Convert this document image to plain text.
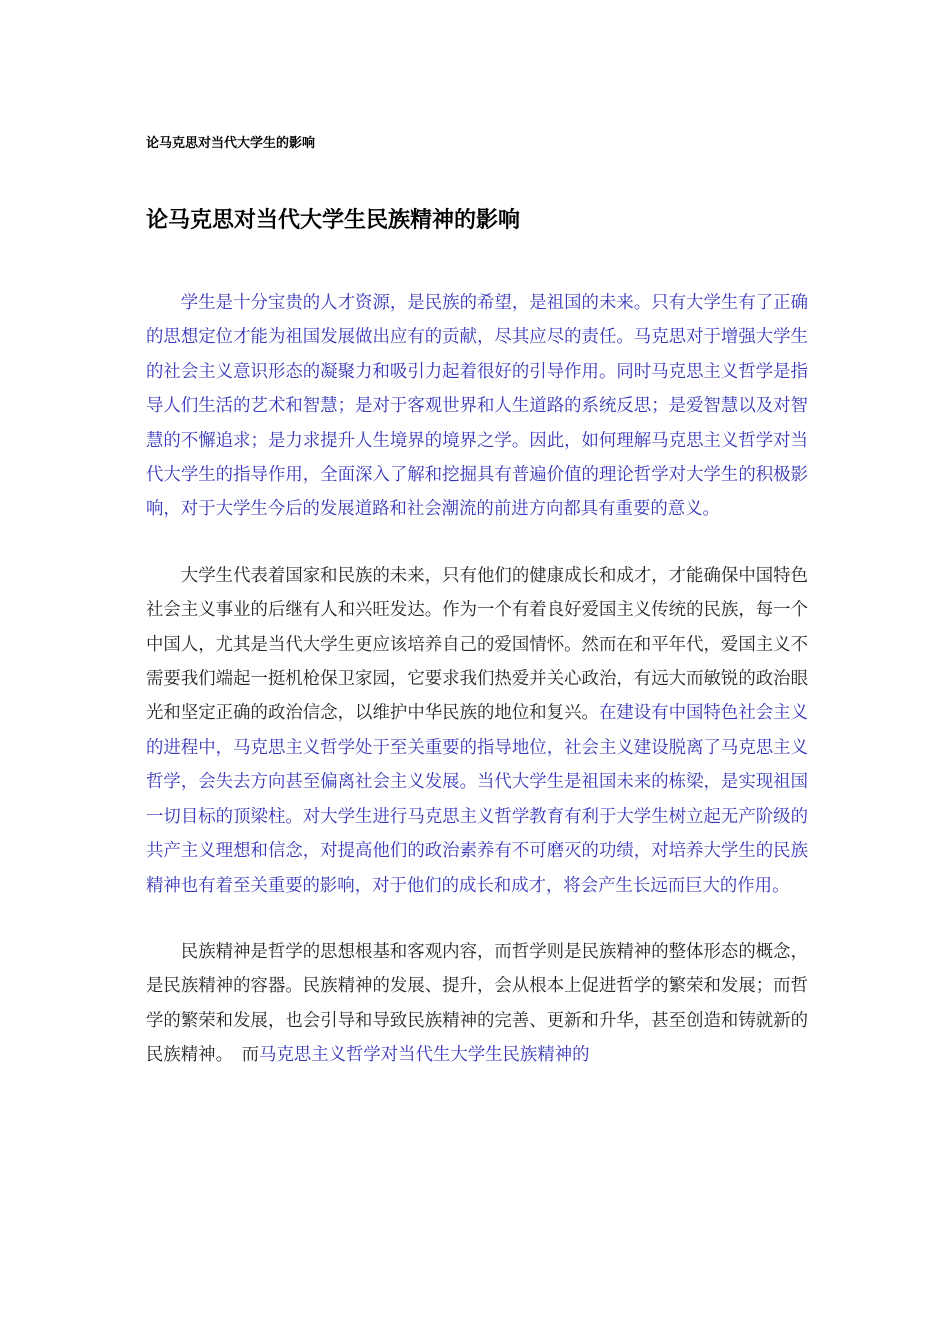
论马克思对当代大学生的影响
论马克思对当代大学生民族精神的影响

学生是十分宝贵的人才资源，是民族的希望，是祖国的未来。只有大学生有了正确的思想定位才能为祖国发展做出应有的贡献，尽其应尽的责任。马克思对于增强大学生的社会主义意识形态的凝聚力和吸引力起着很好的引导作用。同时马克思主义哲学是指导人们生活的艺术和智慧；是对于客观世界和人生道路的系统反思；是爱智慧以及对智慧的不懈追求；是力求提升人生境界的境界之学。因此，如何理解马克思主义哲学对当代大学生的指导作用，全面深入了解和挖掘具有普遍价值的理论哲学对大学生的积极影响，对于大学生今后的发展道路和社会潮流的前进方向都具有重要的意义。

大学生代表着国家和民族的未来，只有他们的健康成长和成才，才能确保中国特色社会主义事业的后继有人和兴旺发达。作为一个有着良好爱国主义传统的民族，每一个中国人，尤其是当代大学生更应该培养自己的爱国情怀。然而在和平年代，爱国主义不需要我们端起一挺机枪保卫家园，它要求我们热爱并关心政治，有远大而敏锐的政治眼光和坚定正确的政治信念，以维护中华民族的地位和复兴。在建设有中国特色社会主义的进程中，马克思主义哲学处于至关重要的指导地位，社会主义建设脱离了马克思主义哲学，会失去方向甚至偏离社会主义发展。当代大学生是祖国未来的栋梁，是实现祖国一切目标的顶梁柱。对大学生进行马克思主义哲学教育有利于大学生树立起无产阶级的共产主义理想和信念，对提高他们的政治素养有不可磨灭的功绩，对培养大学生的民族精神也有着至关重要的影响，对于他们的成长和成才，将会产生长远而巨大的作用。

民族精神是哲学的思想根基和客观内容，而哲学则是民族精神的整体形态的概念，是民族精神的容器。民族精神的发展、提升，会从根本上促进哲学的繁荣和发展；而哲学的繁荣和发展，也会引导和导致民族精神的完善、更新和升华，甚至创造和铸就新的民族精神。　而马克思主义哲学对当代生大学生民族精神的
